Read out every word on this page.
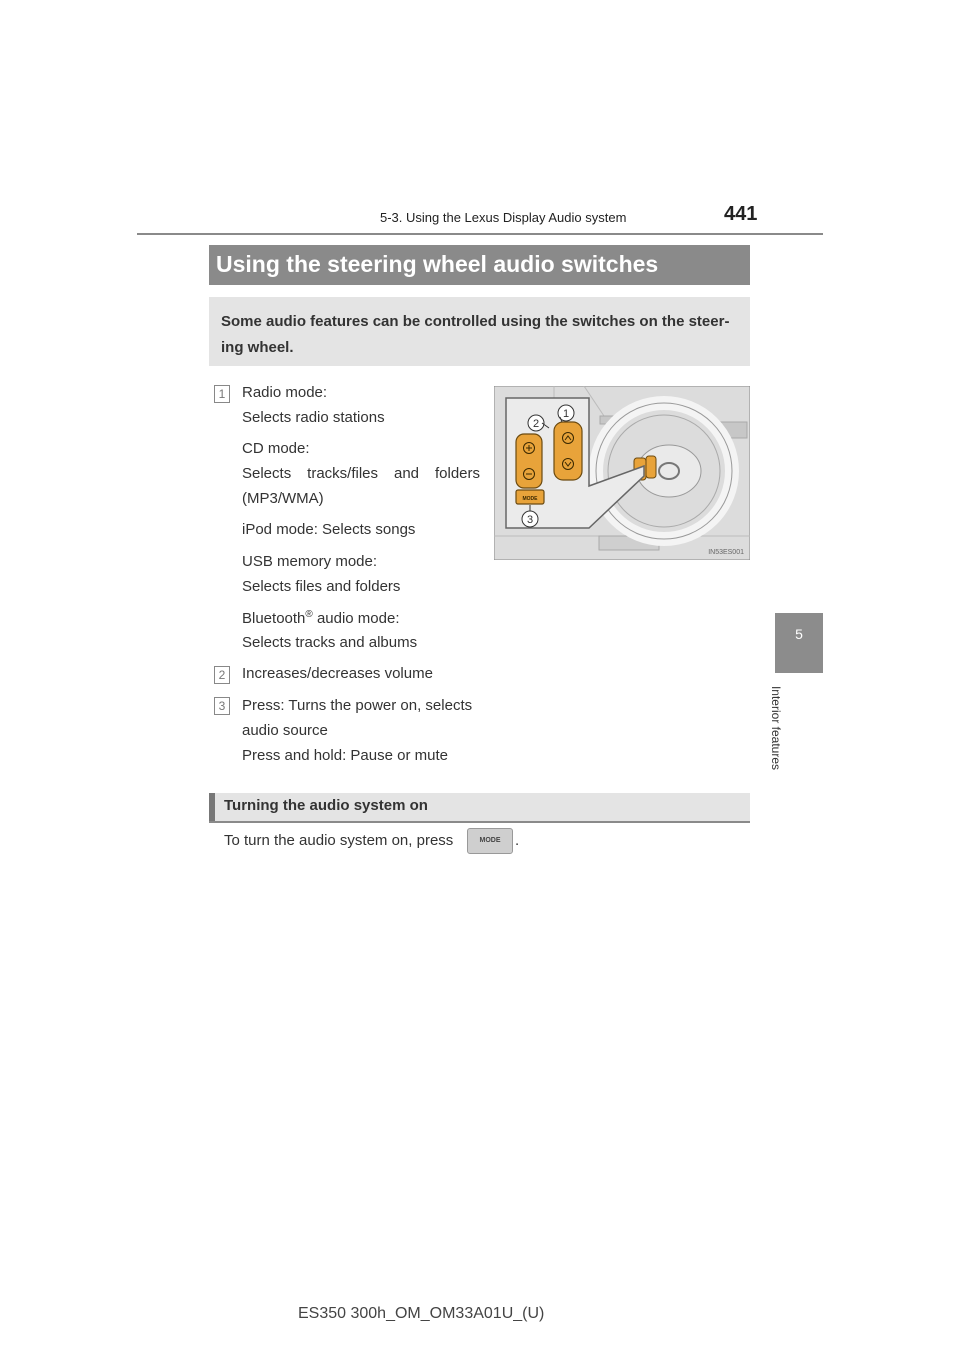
5-3. Using the Lexus Display Audio system	441
5
Interior features
Using the steering wheel audio switches
Some audio features can be controlled using the switches on the steer-ing wheel.
1	Radio mode:
Selects radio stations
CD mode:
Selects tracks/files and folders
(MP3/WMA)
iPod mode: Selects songs
USB memory mode:
Selects files and folders
Bluetooth® audio mode:
Selects tracks and albums
2	Increases/decreases volume
3	Press: Turns the power on, selects
audio source
Press and hold: Pause or mute
MODE
1
2
3
IN53ES001
Turning the audio system on
To turn the audio system on, press	MODE .
ES350 300h_OM_OM33A01U_(U)
